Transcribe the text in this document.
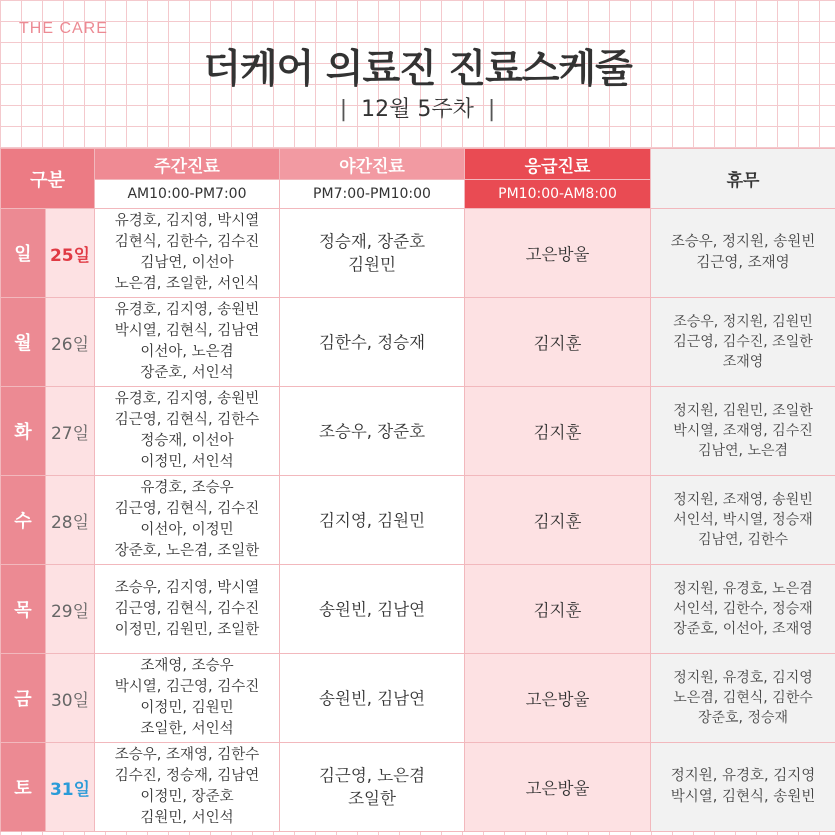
THE CARE
더케어 의료진 진료스케줄
| 12월 5주차 |
구분		주간진료	야간진료	응급진료	휴무
		AM10:00-PM7:00	PM7:00-PM10:00	PM10:00-AM8:00	
일	25일	유경호, 김지영, 박시열
김현식, 김한수, 김수진
김남연, 이선아
노은겸, 조일한, 서인식	정승재, 장준호
김원민	고은방울	조승우, 정지원, 송원빈
김근영, 조재영

월	26일	유경호, 김지영, 송원빈
박시열, 김현식, 김남연
이선아, 노은겸
장준호, 서인석	김한수, 정승재	김지훈	조승우, 정지원, 김원민
김근영, 김수진, 조일한
조재영

화	27일	유경호, 김지영, 송원빈
김근영, 김현식, 김한수
정승재, 이선아
이정민, 서인석	조승우, 장준호	김지훈	정지원, 김원민, 조일한
박시열, 조재영, 김수진
김남연, 노은겸

수	28일	유경호, 조승우
김근영, 김현식, 김수진
이선아, 이정민
장준호, 노은겸, 조일한	김지영, 김원민	김지훈	정지원, 조재영, 송원빈
서인석, 박시열, 정승재
김남연, 김한수

목	29일	조승우, 김지영, 박시열
김근영, 김현식, 김수진
이정민, 김원민, 조일한	송원빈, 김남연	김지훈	정지원, 유경호, 노은겸
서인석, 김한수, 정승재
장준호, 이선아, 조재영

금	30일	조재영, 조승우
박시열, 김근영, 김수진
이정민, 김원민
조일한, 서인석	송원빈, 김남연	고은방울	정지원, 유경호, 김지영
노은겸, 김현식, 김한수
장준호, 정승재

토	31일	조승우, 조재영, 김한수
김수진, 정승재, 김남연
이정민, 장준호
김원민, 서인석	김근영, 노은겸
조일한	고은방울	정지원, 유경호, 김지영
박시열, 김현식, 송원빈
